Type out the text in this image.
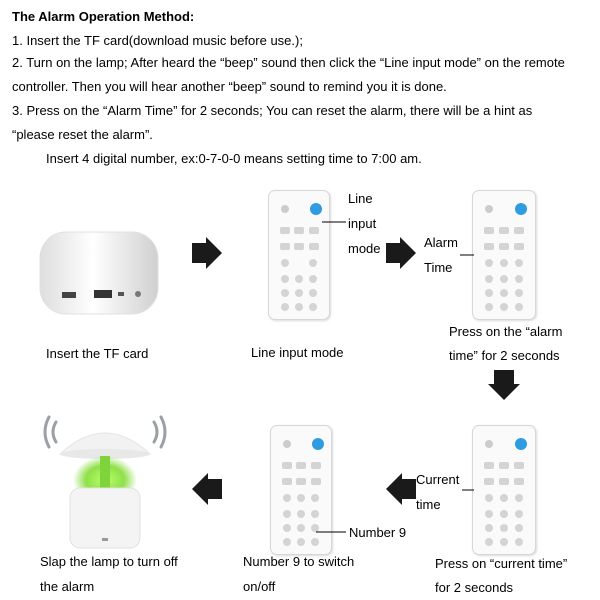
The Alarm Operation Method:
1. Insert the TF card(download music before use.);
2. Turn on the lamp; After heard the “beep” sound then click the “Line input mode” on the remote
controller. Then you will hear another “beep” sound to remind you it is done.
3. Press on the “Alarm Time” for 2 seconds; You can reset the alarm, there will be a hint as
“please reset the alarm”.
Insert 4 digital number, ex:0-7-0-0 means setting time to 7:00 am.
Line
input
mode	Alarm
Time
Current
time
Number 9
Insert the TF card	Line input mode
Press on the “alarm
time” for 2 seconds
Slap the lamp to turn off
the alarm
Number 9 to switch
on/off
Press on “current time”
for 2 seconds
